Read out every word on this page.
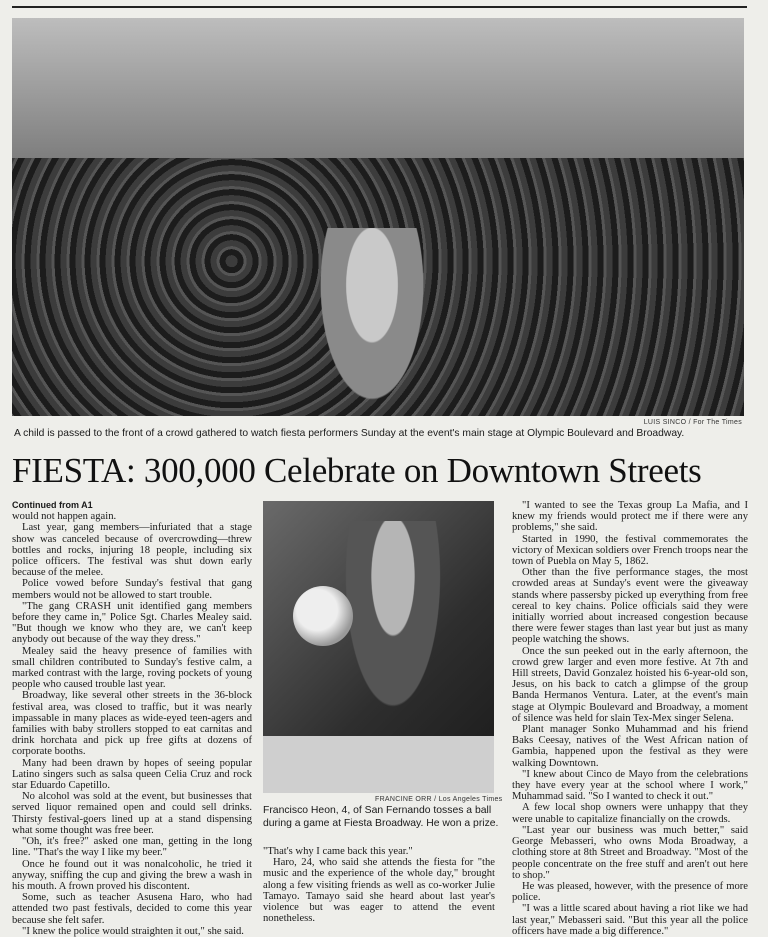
LUIS SINCO / For The Times
A child is passed to the front of a crowd gathered to watch fiesta performers Sunday at the event's main stage at Olympic Boulevard and Broadway.
FIESTA: 300,000 Celebrate on Downtown Streets

Continued from A1

would not happen again.

Last year, gang members—infuriated that a stage show was canceled because of overcrowding—threw bottles and rocks, injuring 18 people, including six police officers. The festival was shut down early because of the melee.

Police vowed before Sunday's festival that gang members would not be allowed to start trouble.

"The gang CRASH unit identified gang members before they came in," Police Sgt. Charles Mealey said. "But though we know who they are, we can't keep anybody out because of the way they dress."

Mealey said the heavy presence of families with small children contributed to Sunday's festive calm, a marked contrast with the large, roving pockets of young people who caused trouble last year.

Broadway, like several other streets in the 36-block festival area, was closed to traffic, but it was nearly impassable in many places as wide-eyed teen-agers and families with baby strollers stopped to eat carnitas and drink horchata and pick up free gifts at dozens of corporate booths.

Many had been drawn by hopes of seeing popular Latino singers such as salsa queen Celia Cruz and rock star Eduardo Capetillo.

No alcohol was sold at the event, but businesses that served liquor remained open and could sell drinks. Thirsty festival-goers lined up at a stand dispensing what some thought was free beer.

"Oh, it's free?" asked one man, getting in the long line. "That's the way I like my beer."

Once he found out it was nonalcoholic, he tried it anyway, sniffing the cup and giving the brew a wash in his mouth. A frown proved his discontent.

Some, such as teacher Asusena Haro, who had attended two past festivals, decided to come this year because she felt safer.

"I knew the police would straighten it out," she said.

FRANCINE ORR / Los Angeles Times
Francisco Heon, 4, of San Fernando tosses a ball during a game at Fiesta Broadway. He won a prize.

"That's why I came back this year."

Haro, 24, who said she attends the fiesta for "the music and the experience of the whole day," brought along a few visiting friends as well as co-worker Julie Tamayo. Tamayo said she heard about last year's violence but was eager to attend the event nonetheless.

"I wanted to see the Texas group La Mafia, and I knew my friends would protect me if there were any problems," she said.

Started in 1990, the festival commemorates the victory of Mexican soldiers over French troops near the town of Puebla on May 5, 1862.

Other than the five performance stages, the most crowded areas at Sunday's event were the giveaway stands where passersby picked up everything from free cereal to key chains. Police officials said they were initially worried about increased congestion because there were fewer stages than last year but just as many people watching the shows.

Once the sun peeked out in the early afternoon, the crowd grew larger and even more festive. At 7th and Hill streets, David Gonzalez hoisted his 6-year-old son, Jesus, on his back to catch a glimpse of the group Banda Hermanos Ventura. Later, at the event's main stage at Olympic Boulevard and Broadway, a moment of silence was held for slain Tex-Mex singer Selena.

Plant manager Sonko Muhammad and his friend Baks Ceesay, natives of the West African nation of Gambia, happened upon the festival as they were walking Downtown.

"I knew about Cinco de Mayo from the celebrations they have every year at the school where I work," Muhammad said. "So I wanted to check it out."

A few local shop owners were unhappy that they were unable to capitalize financially on the crowds.

"Last year our business was much better," said George Mebasseri, who owns Moda Broadway, a clothing store at 8th Street and Broadway. "Most of the people concentrate on the free stuff and aren't out here to shop."

He was pleased, however, with the presence of more police.

"I was a little scared about having a riot like we had last year," Mebasseri said. "But this year all the police officers have made a big difference."
